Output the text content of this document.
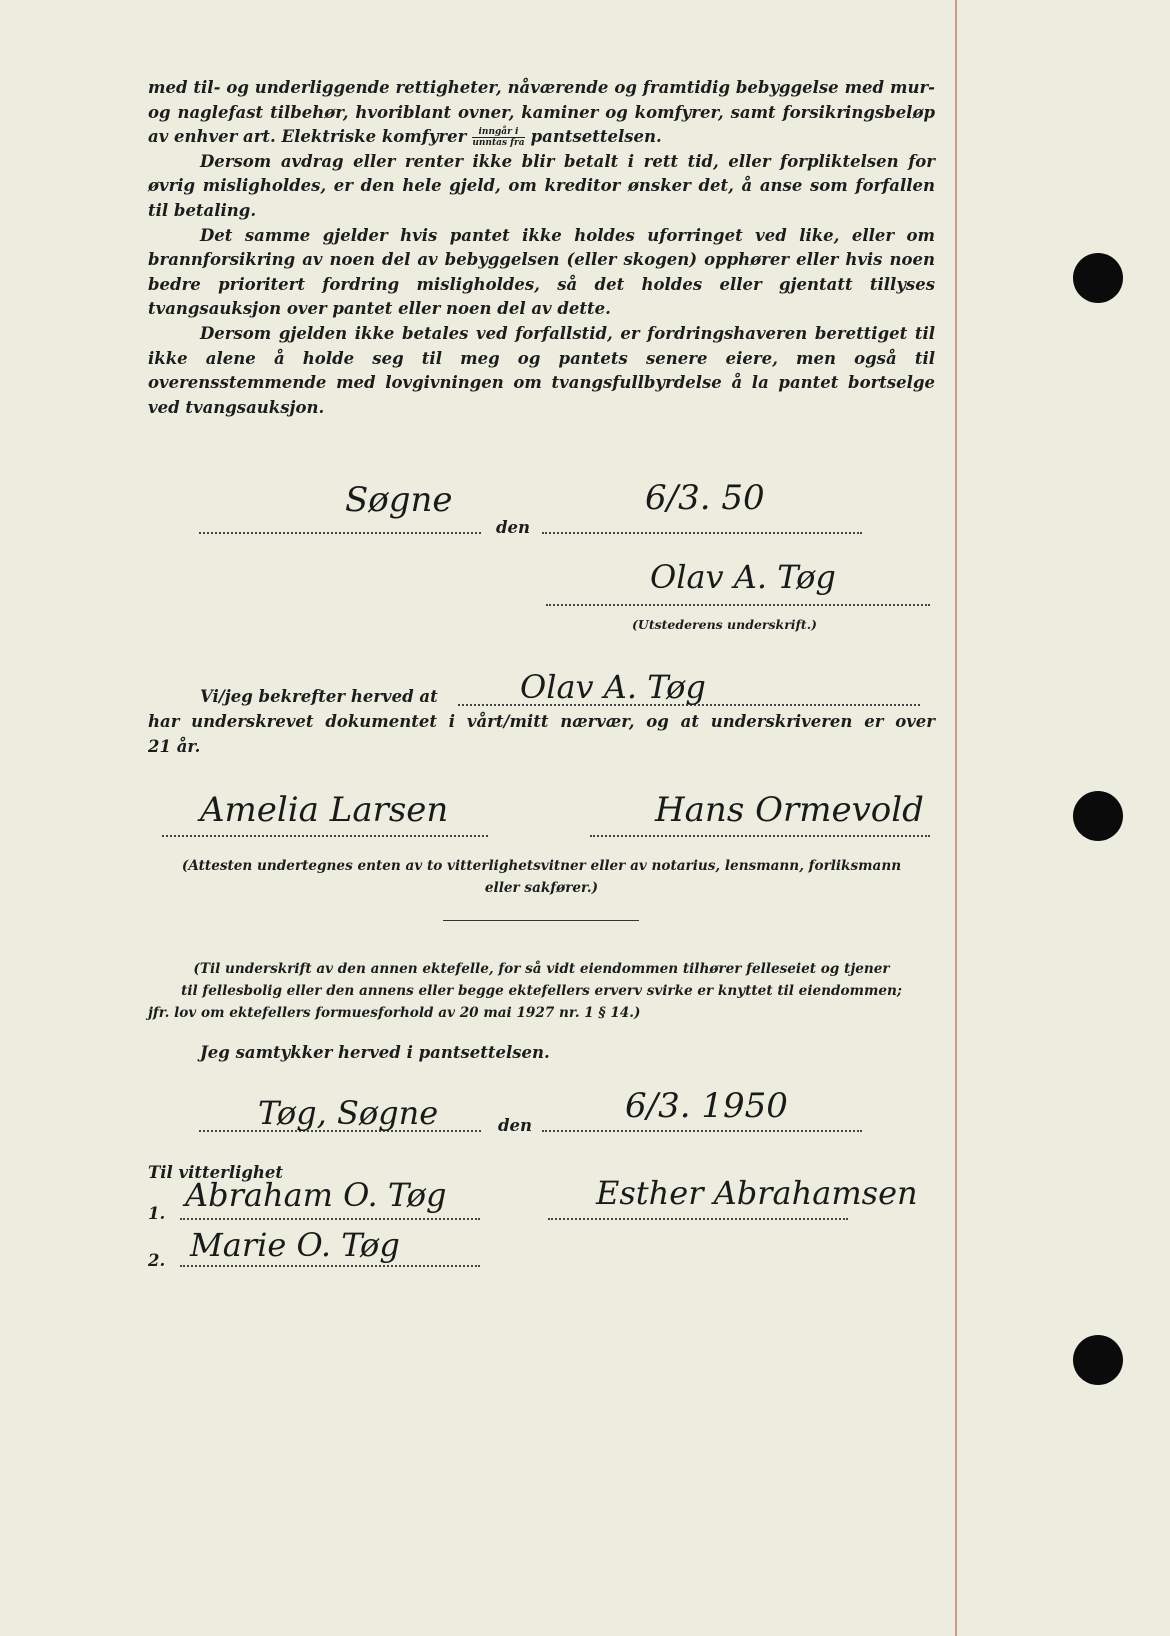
med til- og underliggende rettigheter, nåværende og framtidig bebyggelse med mur- og naglefast tilbehør, hvoriblant ovner, kaminer og komfyrer, samt forsikringsbeløp av enhver art. Elektriske komfyrer $\frac{\text{inngår i}}{\text{unntas fra}}$ pantsettelsen.

Dersom avdrag eller renter ikke blir betalt i rett tid, eller forpliktelsen for øvrig misligholdes, er den hele gjeld, om kreditor ønsker det, å anse som forfallen til betaling.

Det samme gjelder hvis pantet ikke holdes uforringet ved like, eller om brannforsikring av noen del av bebyggelsen (eller skogen) opphører eller hvis noen bedre prioritert fordring misligholdes, så det holdes eller gjentatt tillyses tvangsauksjon over pantet eller noen del av dette.

Dersom gjelden ikke betales ved forfallstid, er fordringshaveren berettiget til ikke alene å holde seg til meg og pantets senere eiere, men også til overensstemmende med lovgivningen om tvangsfullbyrdelse å la pantet bortselge ved tvangsauksjon.

Søgne
den
6/3. 50
Olav A. Tøg
(Utstederens underskrift.)
Vi/jeg bekrefter herved at	Olav A. Tøg
har underskrevet dokumentet i vårt/mitt nærvær, og at underskriveren er over
21 år.
Amelia Larsen	Hans Ormevold
(Attesten undertegnes enten av to vitterlighetsvitner eller av notarius, lensmann, forliksmann
eller sakfører.)
(Til underskrift av den annen ektefelle, for så vidt eiendommen tilhører felleseiet og tjener
til fellesbolig eller den annens eller begge ektefellers erverv svirke er knyttet til eiendommen;
jfr. lov om ektefellers formuesforhold av 20 mai 1927 nr. 1 § 14.)
Jeg samtykker herved i pantsettelsen.
Tøg, Søgne	den	6/3. 1950
Til vitterlighet
1. Abraham O. Tøg	Esther Abrahamsen
2. Marie O. Tøg
